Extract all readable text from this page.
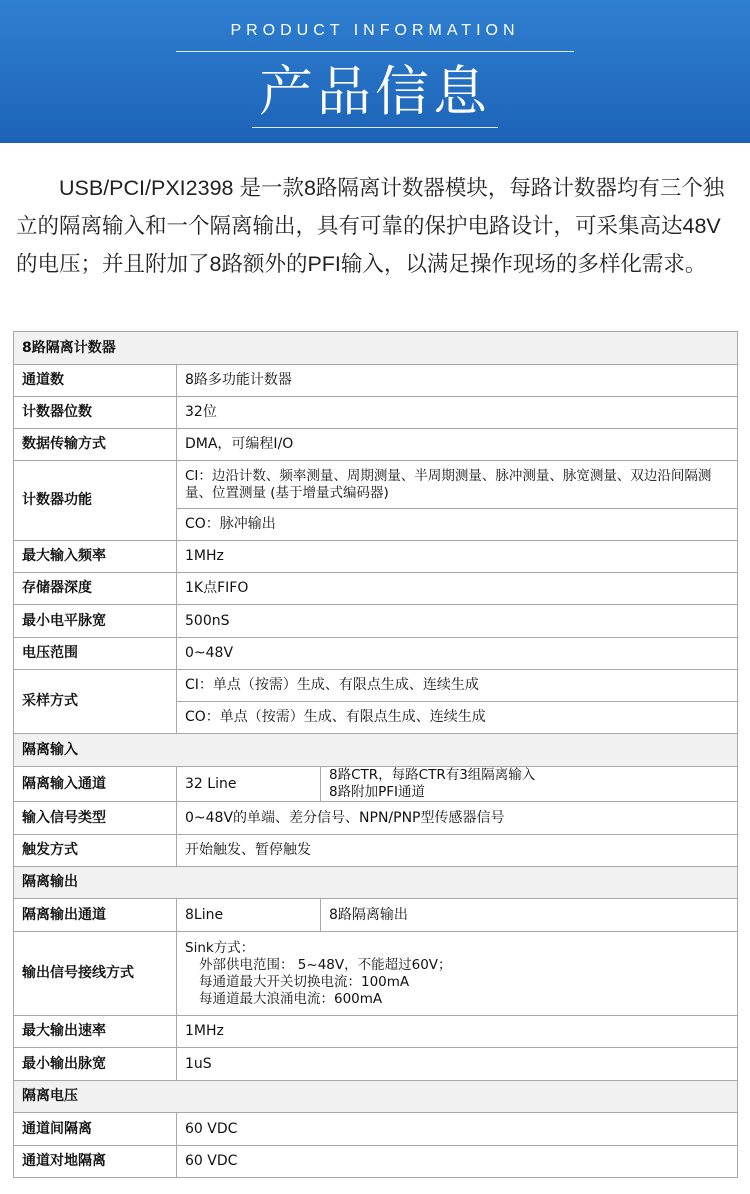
PRODUCT INFORMATION
产品信息

USB/PCI/PXI2398 是一款8路隔离计数器模块，每路计数器均有三个独立的隔离输入和一个隔离输出，具有可靠的保护电路设计，可采集高达48V的电压；并且附加了8路额外的PFI输入，以满足操作现场的多样化需求。

8路隔离计数器		
通道数	8路多功能计数器	
计数器位数	32位	
数据传输方式	DMA，可编程I/O	
计数器功能	CI：边沿计数、频率测量、周期测量、半周期测量、脉冲测量、脉宽测量、双边沿间隔测量、位置测量 (基于增量式编码器)	
	CO：脉冲输出	
最大输入频率	1MHz	
存储器深度	1K点FIFO	
最小电平脉宽	500nS	
电压范围	0~48V	
采样方式	CI：单点（按需）生成、有限点生成、连续生成	
	CO：单点（按需）生成、有限点生成、连续生成	
隔离输入		
隔离输入通道	32 Line	8路CTR，每路CTR有3组隔离输入
8路附加PFI通道

输入信号类型	0~48V的单端、差分信号、NPN/PNP型传感器信号	
触发方式	开始触发、暂停触发	
隔离输出		
隔离输出通道	8Line	8路隔离输出
输出信号接线方式	Sink方式：
外部供电范围： 5~48V，不能超过60V；
每通道最大开关切换电流：100mA
每通道最大浪涌电流：600mA	

最大输出速率	1MHz	
最小输出脉宽	1uS	
隔离电压		
通道间隔离	60 VDC	
通道对地隔离	60 VDC	
